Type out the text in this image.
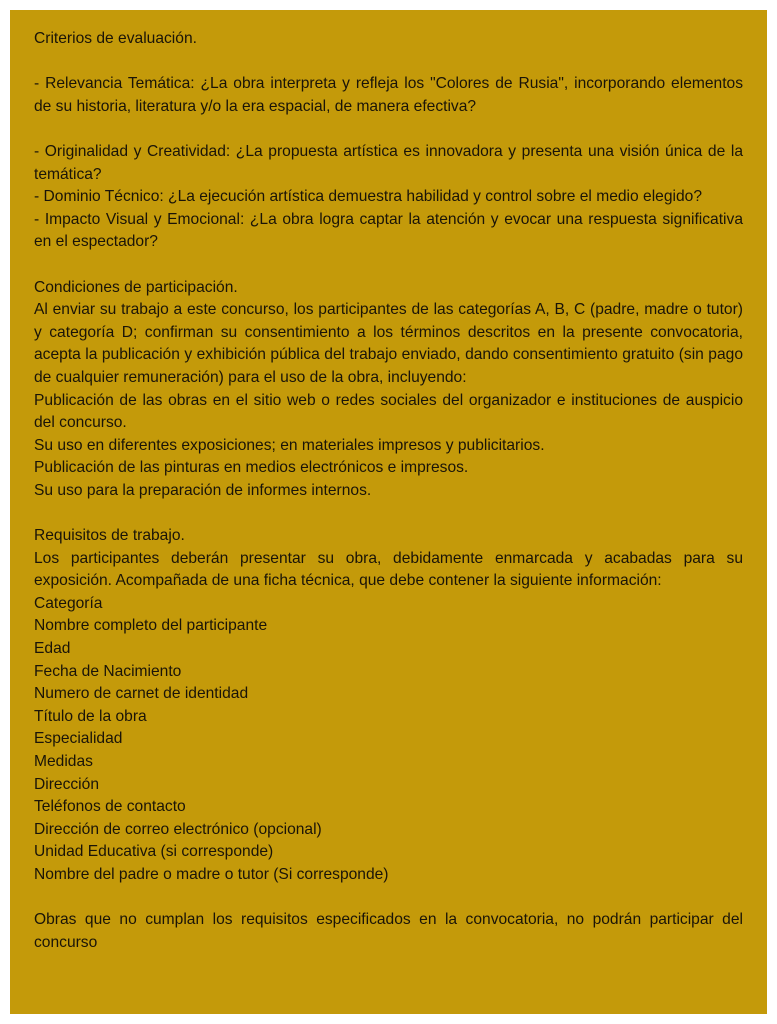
Criterios de evaluación.
- Relevancia Temática: ¿La obra interpreta y refleja los "Colores de Rusia", incorporando elementos de su historia, literatura y/o la era espacial, de manera efectiva?
- Originalidad y Creatividad: ¿La propuesta artística es innovadora y presenta una visión única de la temática?
- Dominio Técnico: ¿La ejecución artística demuestra habilidad y control sobre el medio elegido?
- Impacto Visual y Emocional: ¿La obra logra captar la atención y evocar una respuesta significativa en el espectador?
Condiciones de participación.
Al enviar su trabajo a este concurso, los participantes de las categorías A, B, C (padre, madre o tutor) y categoría D; confirman su consentimiento a los términos descritos en la presente convocatoria, acepta la publicación y exhibición pública del trabajo enviado, dando consentimiento gratuito (sin pago de cualquier remuneración) para el uso de la obra, incluyendo:
Publicación de las obras en el sitio web o redes sociales del organizador e instituciones de auspicio del concurso.
Su uso en diferentes exposiciones; en materiales impresos y publicitarios.
Publicación de las pinturas en medios electrónicos e impresos.
Su uso para la preparación de informes internos.
Requisitos de trabajo.
Los participantes deberán presentar su obra, debidamente enmarcada y acabadas para su exposición. Acompañada de una ficha técnica, que debe contener la siguiente información:
Categoría
Nombre completo del participante
Edad
Fecha de Nacimiento
Numero de carnet de identidad
Título de la obra
Especialidad
Medidas
Dirección
Teléfonos de contacto
Dirección de correo electrónico (opcional)
Unidad Educativa (si corresponde)
Nombre del padre o madre o tutor (Si corresponde)
Obras que no cumplan los requisitos especificados en la convocatoria, no podrán participar del concurso
